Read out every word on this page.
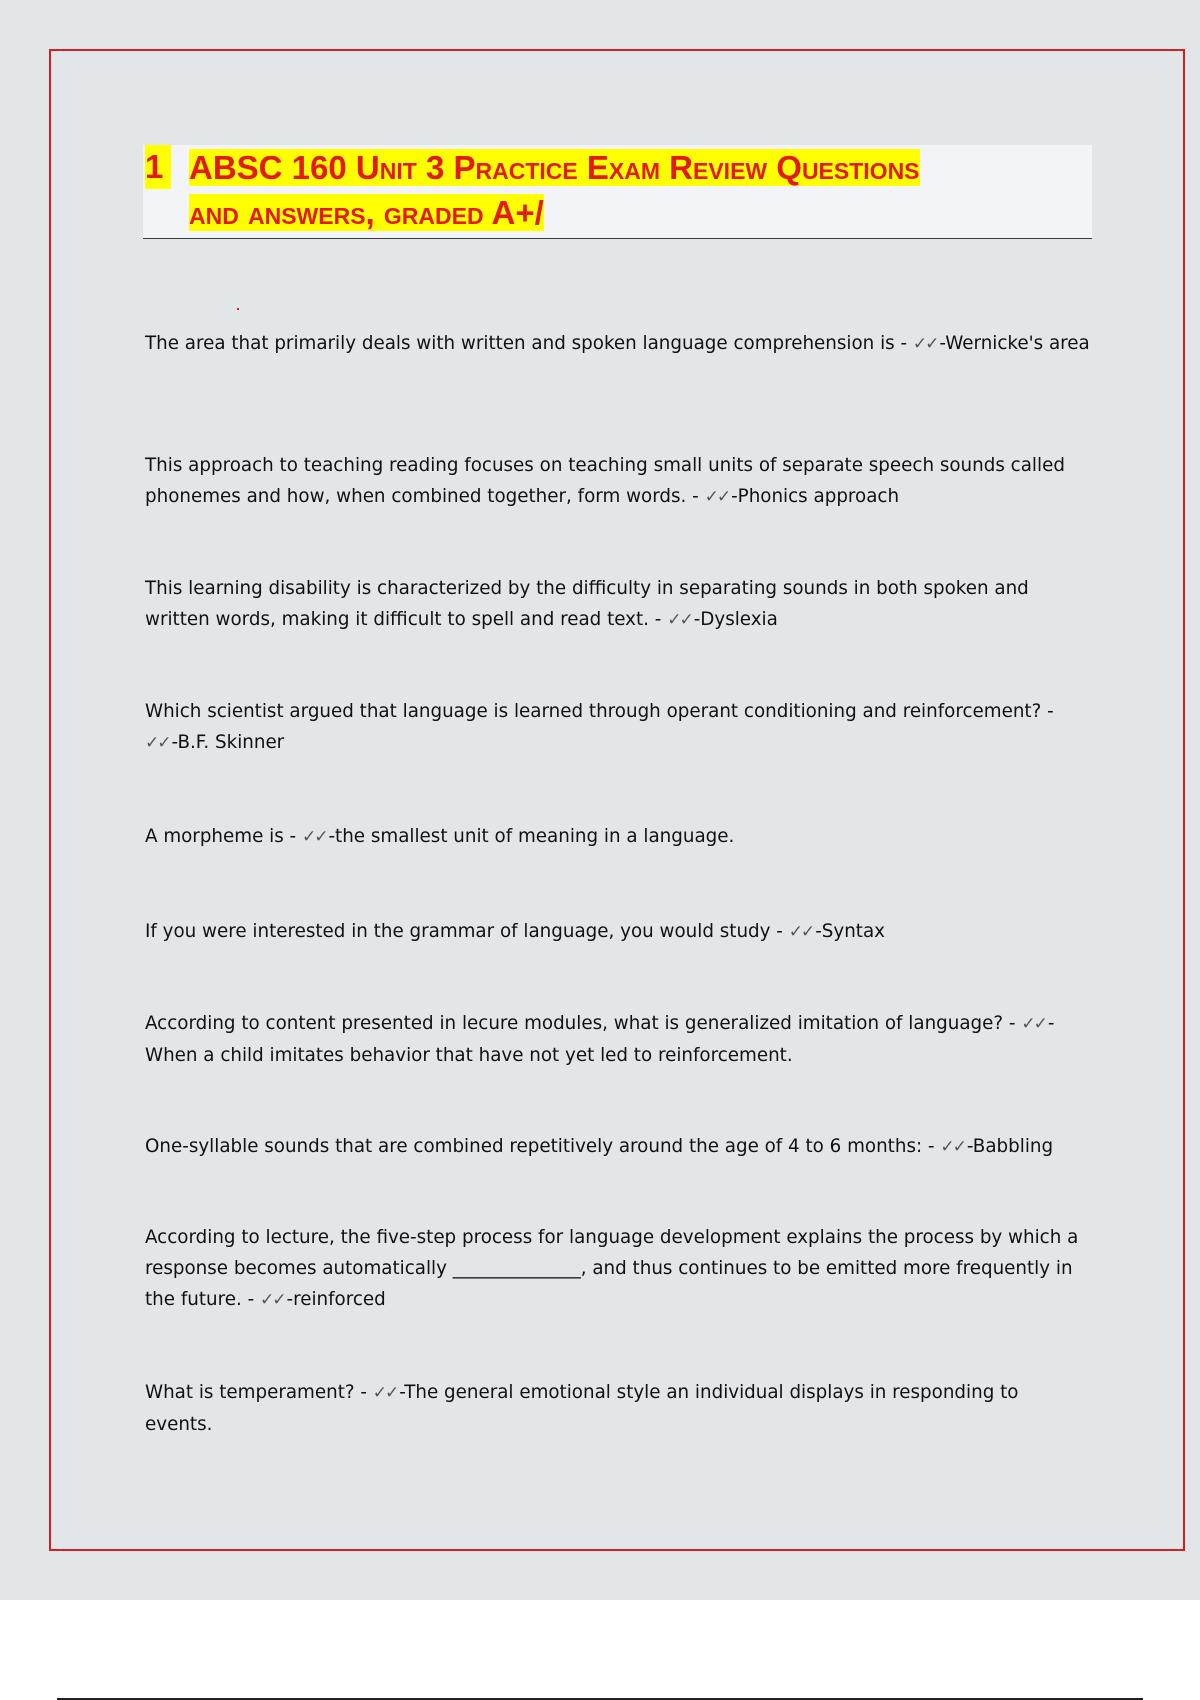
1 ABSC 160 Unit 3 Practice Exam Review Questions
and answers, graded A+/
The area that primarily deals with written and spoken language comprehension is - ✓✓ -Wernicke's area
This approach to teaching reading focuses on teaching small units of separate speech sounds called phonemes and how, when combined together, form words. - ✓✓ -Phonics approach
This learning disability is characterized by the difficulty in separating sounds in both spoken and written words, making it difficult to spell and read text. - ✓✓ -Dyslexia
Which scientist argued that language is learned through operant conditioning and reinforcement? - ✓✓ -B.F. Skinner
A morpheme is - ✓✓ -the smallest unit of meaning in a language.
If you were interested in the grammar of language, you would study - ✓✓ -Syntax
According to content presented in lecure modules, what is generalized imitation of language? - ✓✓ -When a child imitates behavior that have not yet led to reinforcement.
One-syllable sounds that are combined repetitively around the age of 4 to 6 months: - ✓✓ -Babbling
According to lecture, the five-step process for language development explains the process by which a response becomes automatically ______________, and thus continues to be emitted more frequently in the future. - ✓✓ -reinforced
What is temperament? - ✓✓ -The general emotional style an individual displays in responding to events.
